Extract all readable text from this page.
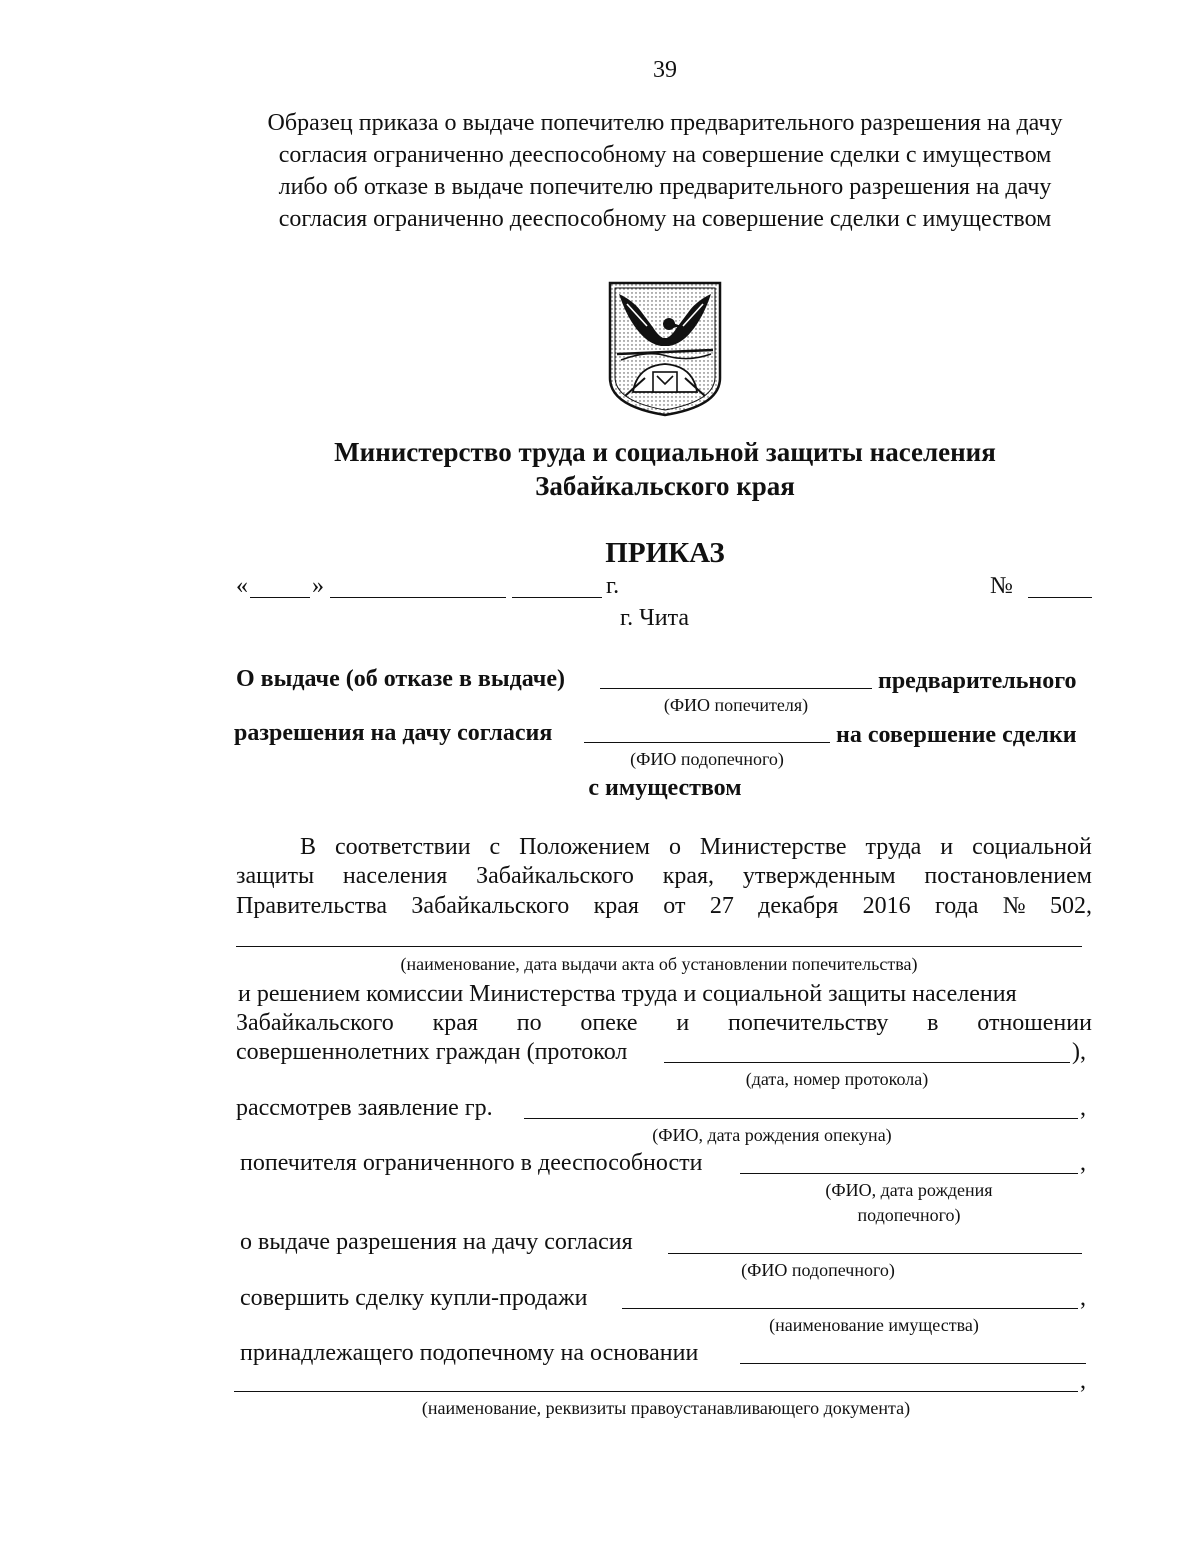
39
Образец приказа о выдаче попечителю предварительного разрешения на дачу
согласия ограниченно дееспособному на совершение сделки с имуществом
либо об отказе в выдаче попечителю предварительного разрешения на дачу
согласия ограниченно дееспособному на совершение сделки с имуществом
Министерство труда и социальной защиты населения
Забайкальского края
ПРИКАЗ
«	»	г.	№
г. Чита
О выдаче (об отказе в выдаче)	предварительного
(ФИО попечителя)
разрешения на дачу согласия	на совершение сделки
(ФИО подопечного)
с имуществом
В соответствии с Положением о Министерстве труда и социальной
защиты населения Забайкальского края, утвержденным постановлением
Правительства Забайкальского края от 27 декабря 2016 года № 502,
(наименование, дата выдачи акта об установлении попечительства)
и решением комиссии Министерства труда и социальной защиты населения
Забайкальского края по опеке и попечительству в отношении
совершеннолетних граждан (протокол	),
(дата, номер протокола)
рассмотрев заявление гр.	,
(ФИО, дата рождения опекуна)
попечителя ограниченного в дееспособности	,
(ФИО, дата рождения
подопечного)
о выдаче разрешения на дачу согласия
(ФИО подопечного)
совершить сделку купли-продажи	,
(наименование имущества)
принадлежащего подопечному на основании
,
(наименование, реквизиты правоустанавливающего документа)
